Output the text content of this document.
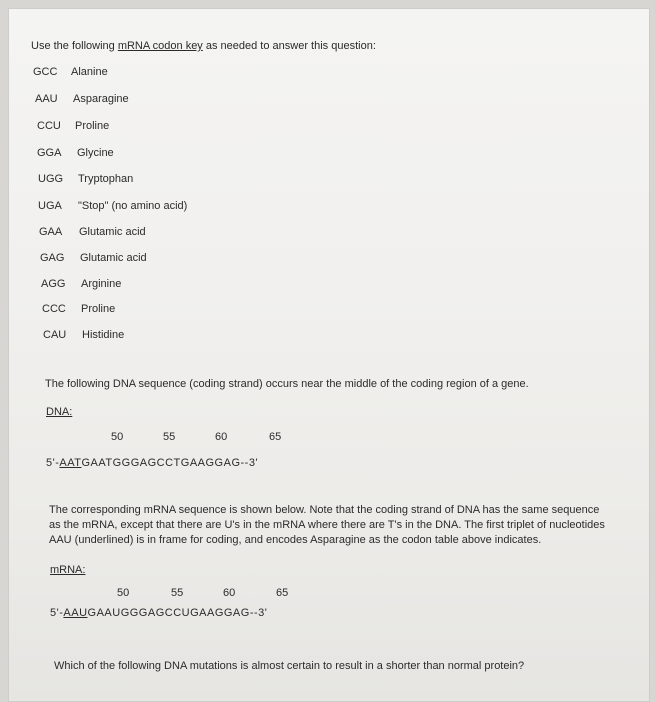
Use the following mRNA codon key as needed to answer this question:
GCC Alanine
AAU Asparagine
CCU Proline
GGA Glycine
UGG Tryptophan
UGA "Stop" (no amino acid)
GAA Glutamic acid
GAG Glutamic acid
AGG Arginine
CCC Proline
CAU Histidine
The following DNA sequence (coding strand) occurs near the middle of the coding region of a gene.
DNA:
50	55	60	65
5'-AATGAATGGGAGCCTGAAGGAG--3'
The corresponding mRNA sequence is shown below. Note that the coding strand of DNA has the same sequence as the mRNA, except that there are U's in the mRNA where there are T's in the DNA. The first triplet of nucleotides AAU (underlined) is in frame for coding, and encodes Asparagine as the codon table above indicates.
mRNA:
50	55	60	65
5'-AAUGAAUGGGAGCCUGAAGGAG--3'
Which of the following DNA mutations is almost certain to result in a shorter than normal protein?
